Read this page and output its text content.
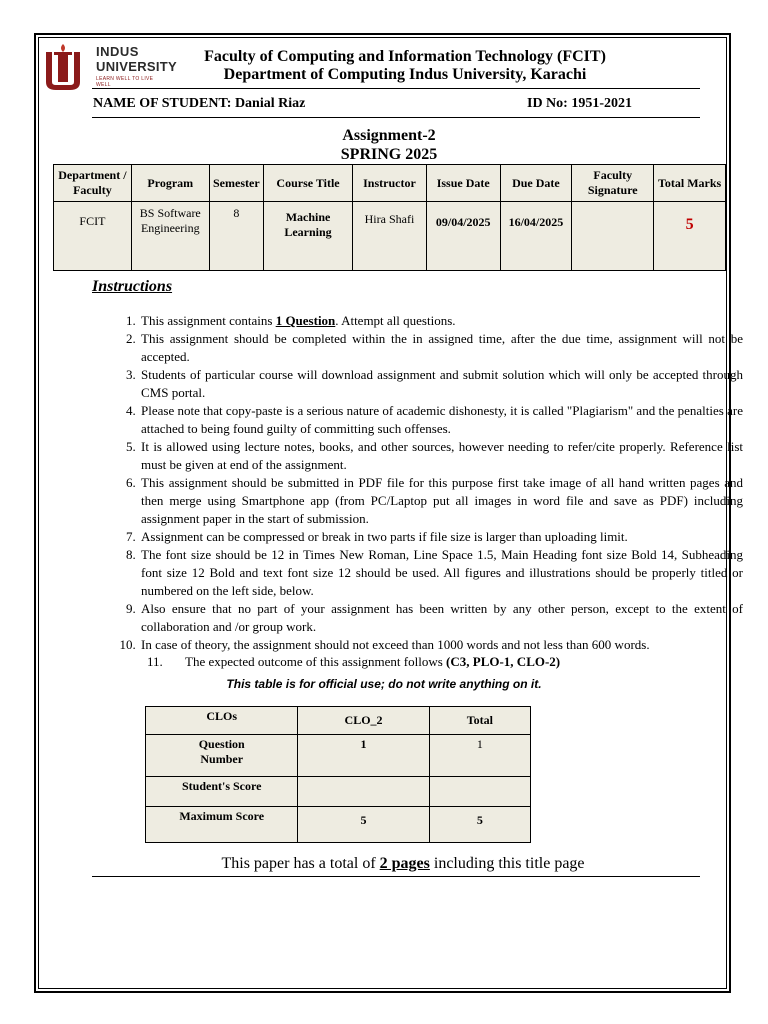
INDUS
UNIVERSITY
LEARN WELL TO LIVE WELL
Faculty of Computing and Information Technology (FCIT)
Department of Computing Indus University, Karachi
NAME OF STUDENT: Danial Riaz	ID No: 1951-2021
Assignment-2
SPRING 2025
Department / Faculty	Program	Semester	Course Title	Instructor	Issue Date	Due Date	Faculty Signature	Total Marks
FCIT	BS Software Engineering	8	Machine Learning	Hira Shafi	09/04/2025	16/04/2025		5
Instructions
1. This assignment contains 1 Question. Attempt all questions.
2. This assignment should be completed within the in assigned time, after the due time, assignment will not be accepted.
3. Students of particular course will download assignment and submit solution which will only be accepted through CMS portal.
4. Please note that copy-paste is a serious nature of academic dishonesty, it is called "Plagiarism" and the penalties are attached to being found guilty of committing such offenses.
5. It is allowed using lecture notes, books, and other sources, however needing to refer/cite properly. Reference list must be given at end of the assignment.
6. This assignment should be submitted in PDF file for this purpose first take image of all hand written pages and then merge using Smartphone app (from PC/Laptop put all images in word file and save as PDF) including assignment paper in the start of submission.
7. Assignment can be compressed or break in two parts if file size is larger than uploading limit.
8. The font size should be 12 in Times New Roman, Line Space 1.5, Main Heading font size Bold 14, Subheading font size 12 Bold and text font size 12 should be used. All figures and illustrations should be properly titled or numbered on the left side, below.
9. Also ensure that no part of your assignment has been written by any other person, except to the extent of collaboration and /or group work.
10. In case of theory, the assignment should not exceed than 1000 words and not less than 600 words.
11. The expected outcome of this assignment follows (C3, PLO-1, CLO-2)
This table is for official use; do not write anything on it.
CLOs	CLO_2	Total
Question Number	1	1
Student's Score		
Maximum Score	5	5
This paper has a total of 2 pages including this title page
